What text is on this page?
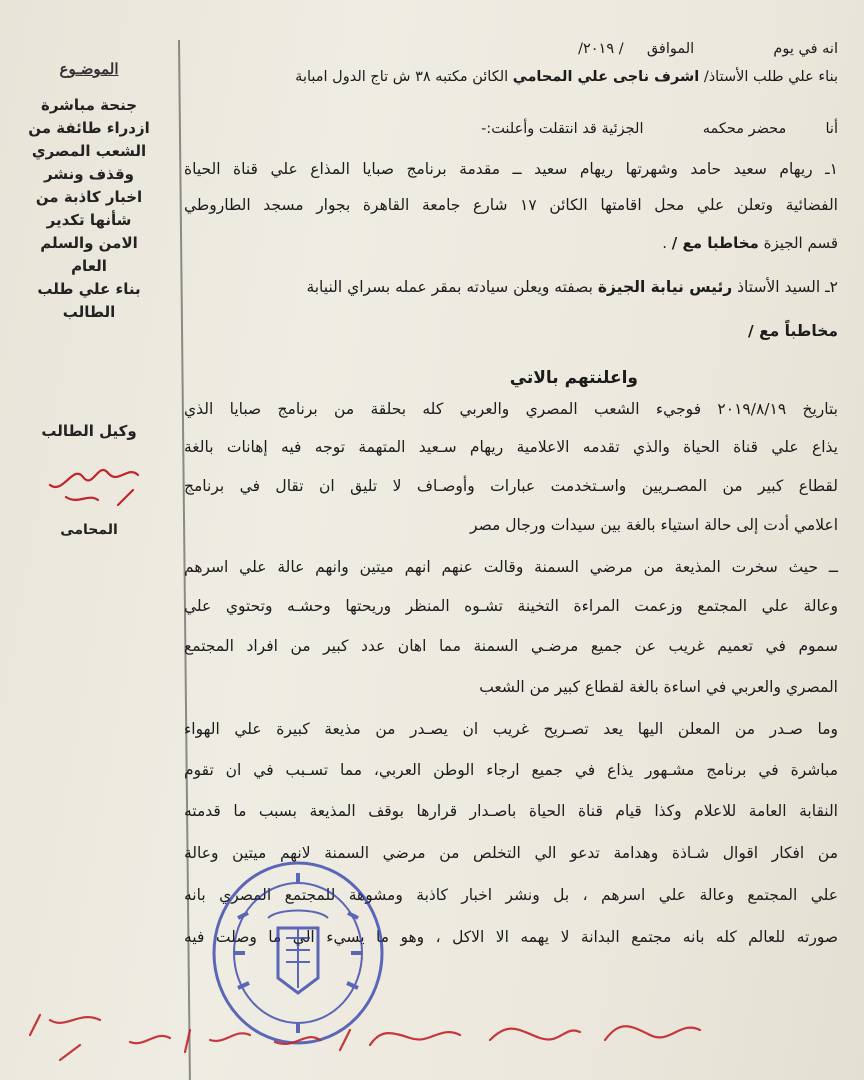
الموضـوع
جنحة مباشرة
ازدراء طائفة من
الشعب المصري
وقذف ونشر
اخبار كاذبة من
شأنها تكدير
الامن والسلم
العام
بناء علي طلب
الطالب
وكيل الطالب
المحامى
انه في يوم  الموافق  / ٢٠١٩/
بناء علي طلب الأستاذ/ اشرف ناجى علي المحامي الكائن مكتبه ٣٨ ش تاج الدول امبابة
أنا  محضر محكمه  الجزئية قد انتقلت وأعلنت:-
١ـ ريهام سعيد حامد وشهرتها ريهام سعيد ــ مقدمة برنامج صبايا المذاع علي قناة الحياة
الفضائية وتعلن علي محل اقامتها الكائن ١٧ شارع جامعة القاهرة بجوار مسجد الطاروطي
قسم الجيزة مخاطبا مع / .
٢ـ السيد الأستاذ رئيس نيابة الجيزة بصفته ويعلن سيادته بمقر عمله بسراي النيابة
مخاطباً مع /
واعلنتهم بالاتي
بتاريخ ٢٠١٩/٨/١٩ فوجيء الشعب المصري والعربي كله بحلقة من برنامج صبايا الذي
يذاع علي قناة الحياة والذي تقدمه الاعلامية ريهام سـعيد المتهمة توجه فيه إهانات بالغة
لقطاع كبير من المصـريين واسـتخدمت عبارات وأوصـاف لا تليق ان تقال في برنامج
اعلامي أدت إلى حالة استياء بالغة بين سيدات ورجال مصر
ــ حيث سخرت المذيعة من مرضي السمنة وقالت عنهم انهم ميتين وانهم عالة علي اسرهم
وعالة علي المجتمع وزعمت المراءة التخينة تشـوه المنظر وريحتها وحشـه وتحتوي علي
سموم في تعميم غريب عن جميع مرضـي السمنة مما اهان عدد كبير من افراد المجتمع
المصري والعربي في اساءة بالغة لقطاع كبير من الشعب
وما صـدر من المعلن اليها يعد تصـريح غريب ان يصـدر من مذيعة كبيرة علي الهواء
مباشرة في برنامج مشـهور يذاع في جميع ارجاء الوطن العربي، مما تسـبب في ان تقوم
النقابة العامة للاعلام وكذا قيام قناة الحياة باصـدار قرارها بوقف المذيعة بسبب ما قدمته
من افكار اقوال شـاذة وهدامة تدعو الي التخلص من مرضي السمنة لانهم ميتين وعالة
علي المجتمع وعالة علي اسرهم ، بل ونشر اخبار كاذبة ومشوهة للمجتمع المصري بانه
صورته للعالم كله بانه مجتمع البدانة لا يهمه الا الاكل ، وهو ما يسيء الي ما وصلت فيه
